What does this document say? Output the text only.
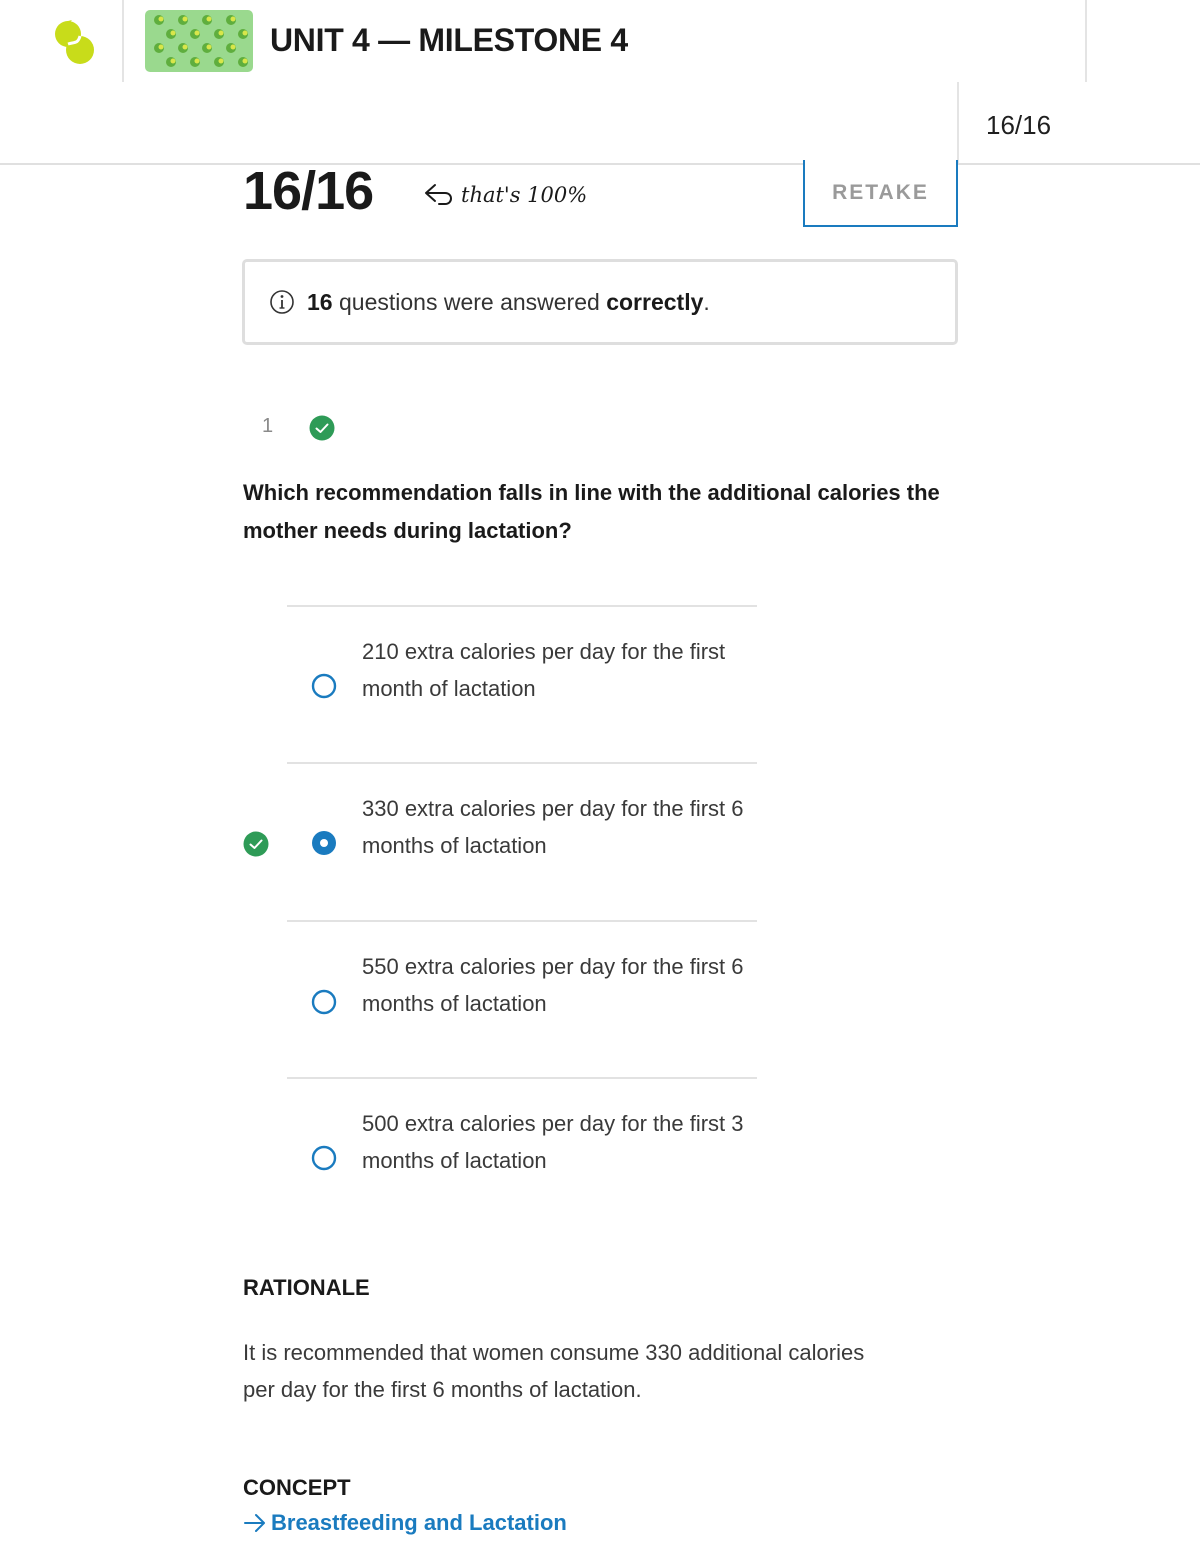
UNIT 4 — MILESTONE 4
16/16
16/16	that's 100%	RETAKE
16 questions were answered correctly.
1
Which recommendation falls in line with the additional calories the mother needs during lactation?
210 extra calories per day for the first month of lactation
330 extra calories per day for the first 6 months of lactation
550 extra calories per day for the first 6 months of lactation
500 extra calories per day for the first 3 months of lactation
RATIONALE
It is recommended that women consume 330 additional calories per day for the first 6 months of lactation.
CONCEPT
Breastfeeding and Lactation
